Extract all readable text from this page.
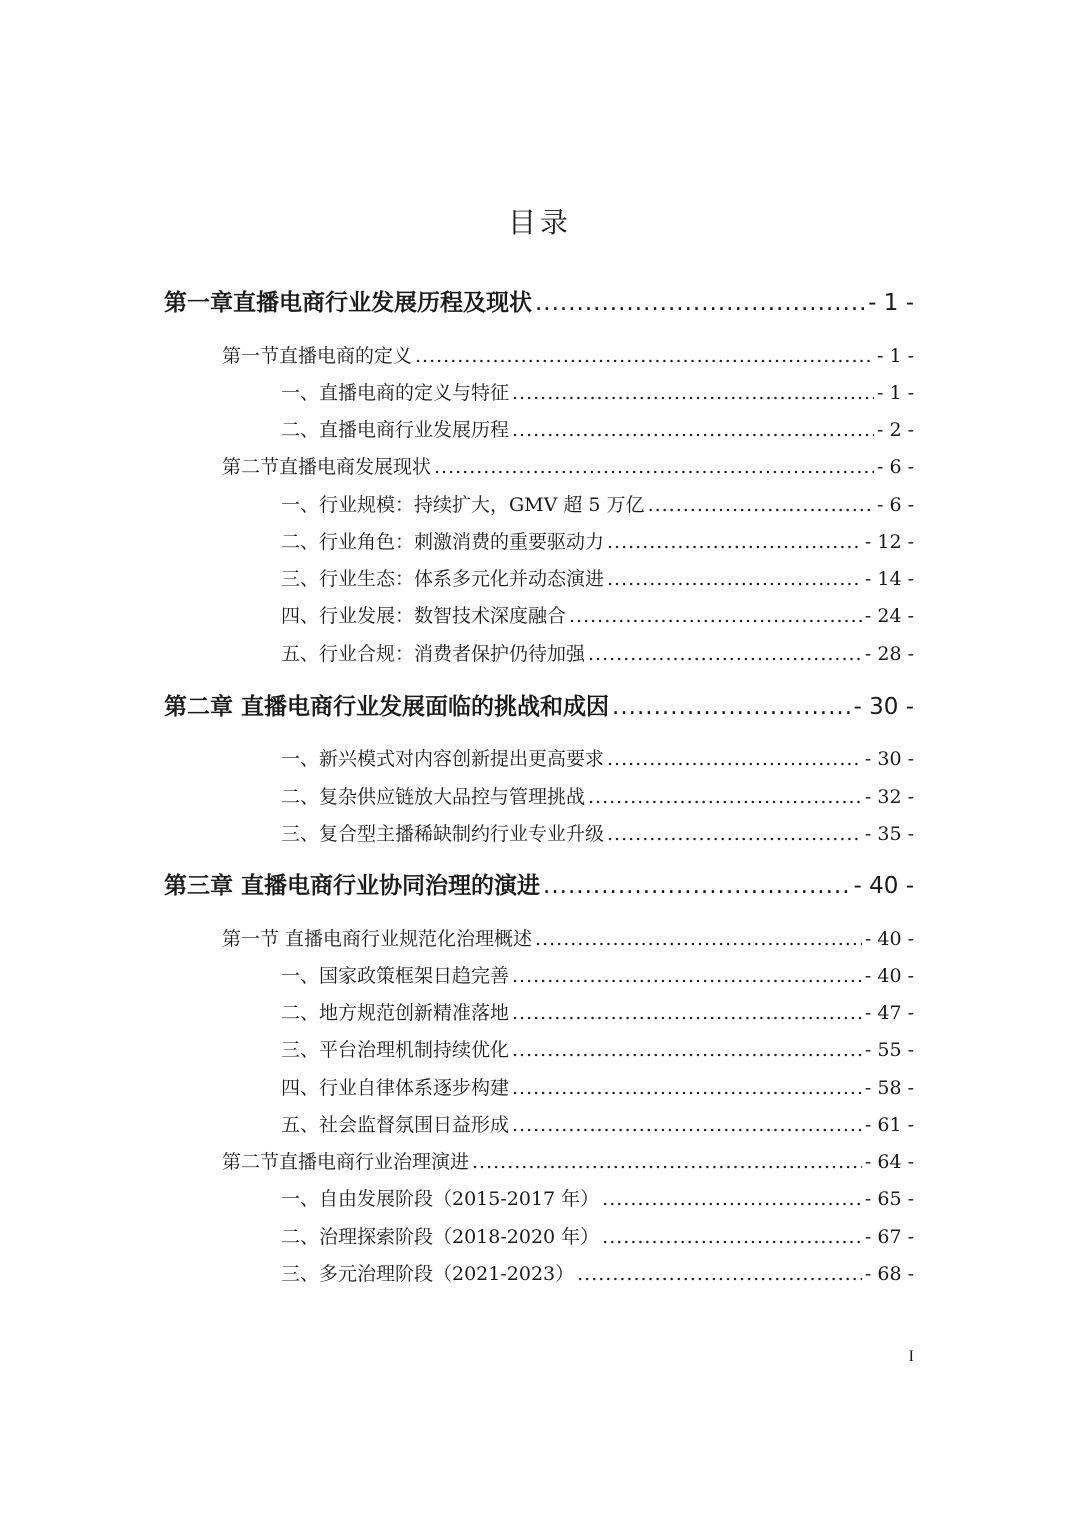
目录
第一章直播电商行业发展历程及现状 .....	- 1 -
第一节直播电商的定义 .....	- 1 -
一、直播电商的定义与特征 .....	- 1 -
二、直播电商行业发展历程 .....	- 2 -
第二节直播电商发展现状 .....	- 6 -
一、行业规模：持续扩大，GMV 超 5 万亿 .....	- 6 -
二、行业角色：刺激消费的重要驱动力 .....	- 12 -
三、行业生态：体系多元化并动态演进 .....	- 14 -
四、行业发展：数智技术深度融合 .....	- 24 -
五、行业合规：消费者保护仍待加强 .....	- 28 -
第二章 直播电商行业发展面临的挑战和成因 .....	- 30 -
一、新兴模式对内容创新提出更高要求 .....	- 30 -
二、复杂供应链放大品控与管理挑战 .....	- 32 -
三、复合型主播稀缺制约行业专业升级 .....	- 35 -
第三章 直播电商行业协同治理的演进 .....	- 40 -
第一节 直播电商行业规范化治理概述 .....	- 40 -
一、国家政策框架日趋完善 .....	- 40 -
二、地方规范创新精准落地 .....	- 47 -
三、平台治理机制持续优化 .....	- 55 -
四、行业自律体系逐步构建 .....	- 58 -
五、社会监督氛围日益形成 .....	- 61 -
第二节直播电商行业治理演进 .....	- 64 -
一、自由发展阶段（2015-2017 年） .....	- 65 -
二、治理探索阶段（2018-2020 年） .....	- 67 -
三、多元治理阶段（2021-2023） .....	- 68 -
I
